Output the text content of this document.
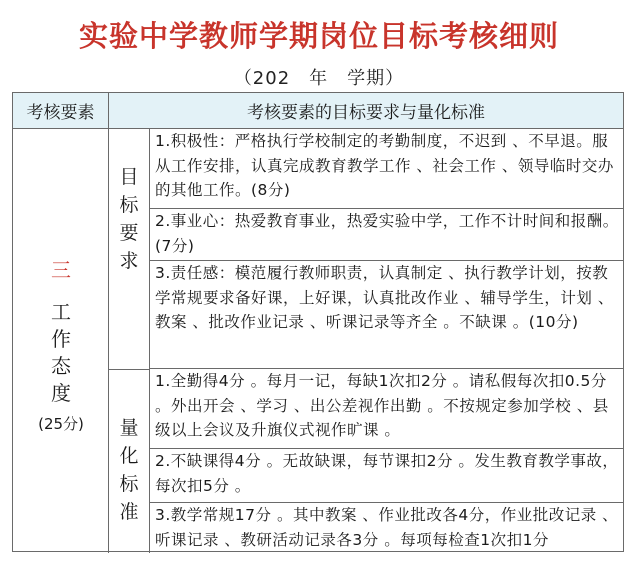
实验中学教师学期岗位目标考核细则
（202　年　学期）
考核要素	考核要素的目标要求与量化标准
三
工
作
态
度
(25分)
目
标
要
求
1.积极性：严格执行学校制定的考勤制度，不迟到 、不早退。服从工作安排，认真完成教育教学工作 、社会工作 、领导临时交办的其他工作。(8分)
2.事业心：热爱教育事业，热爱实验中学，工作不计时间和报酬。(7分)
3.责任感：模范履行教师职责，认真制定 、执行教学计划，按教学常规要求备好课，上好课，认真批改作业 、辅导学生，计划 、教案 、批改作业记录 、听课记录等齐全 。不缺课 。(10分)
量
化
标
准
1.全勤得4分 。每月一记，每缺1次扣2分 。请私假每次扣0.5分 。外出开会 、学习 、出公差视作出勤 。不按规定参加学校 、县级以上会议及升旗仪式视作旷课 。
2.不缺课得4分 。无故缺课，每节课扣2分 。发生教育教学事故，每次扣5分 。
3.教学常规17分 。其中教案 、作业批改各4分，作业批改记录 、听课记录 、教研活动记录各3分 。每项每检查1次扣1分
